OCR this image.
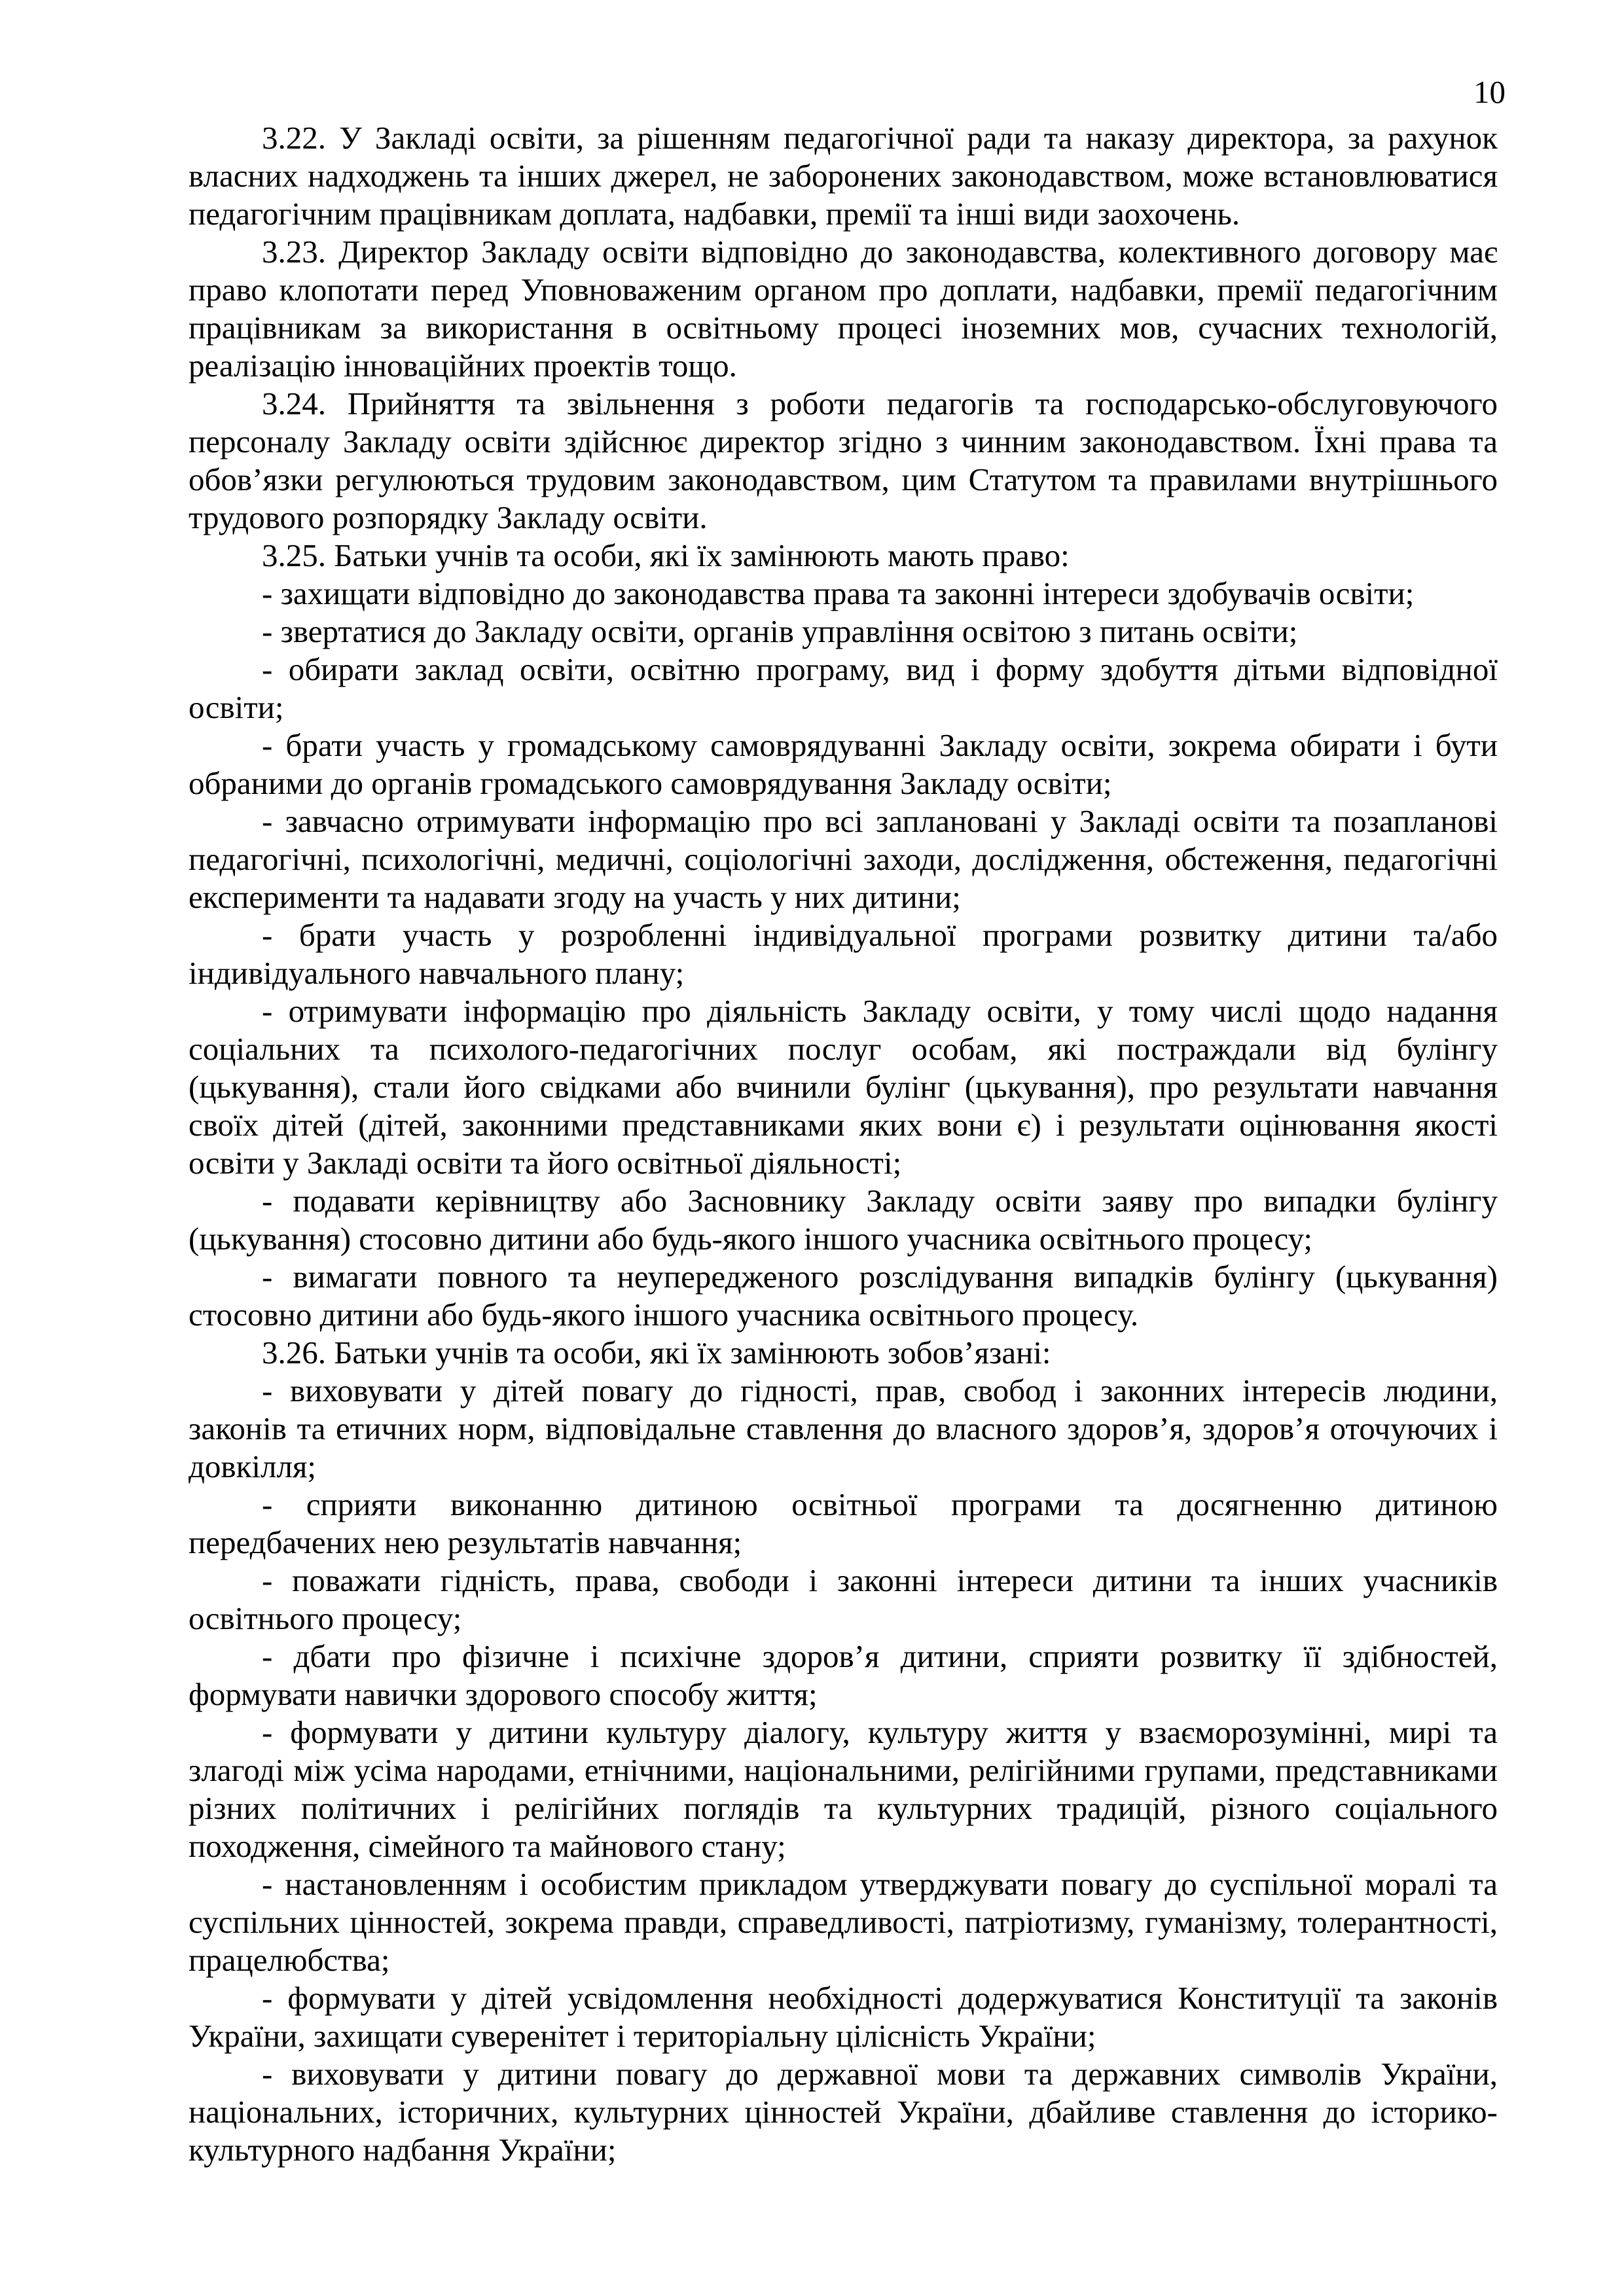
10
3.22. У Закладі освіти, за рішенням педагогічної ради та наказу директора, за рахунок
власних надходжень та інших джерел, не заборонених законодавством, може встановлюватися
педагогічним працівникам доплата, надбавки, премії та інші види заохочень.
3.23. Директор Закладу освіти відповідно до законодавства, колективного договору має
право клопотати перед Уповноваженим органом про доплати, надбавки, премії педагогічним
працівникам за використання в освітньому процесі іноземних мов, сучасних технологій,
реалізацію інноваційних проектів тощо.
3.24. Прийняття та звільнення з роботи педагогів та господарсько-обслуговуючого
персоналу Закладу освіти здійснює директор згідно з чинним законодавством. Їхні права та
обов’язки регулюються трудовим законодавством, цим Статутом та правилами внутрішнього
трудового розпорядку Закладу освіти.
3.25. Батьки учнів та особи, які їх замінюють мають право:
- захищати відповідно до законодавства права та законні інтереси здобувачів освіти;
- звертатися до Закладу освіти, органів управління освітою з питань освіти;
- обирати заклад освіти, освітню програму, вид і форму здобуття дітьми відповідної
освіти;
- брати участь у громадському самоврядуванні Закладу освіти, зокрема обирати і бути
обраними до органів громадського самоврядування Закладу освіти;
- завчасно отримувати інформацію про всі заплановані у Закладі освіти та позапланові
педагогічні, психологічні, медичні, соціологічні заходи, дослідження, обстеження, педагогічні
експерименти та надавати згоду на участь у них дитини;
- брати участь у розробленні індивідуальної програми розвитку дитини та/або
індивідуального навчального плану;
- отримувати інформацію про діяльність Закладу освіти, у тому числі щодо надання
соціальних та психолого-педагогічних послуг особам, які постраждали від булінгу
(цькування), стали його свідками або вчинили булінг (цькування), про результати навчання
своїх дітей (дітей, законними представниками яких вони є) і результати оцінювання якості
освіти у Закладі освіти та його освітньої діяльності;
- подавати керівництву або Засновнику Закладу освіти заяву про випадки булінгу
(цькування) стосовно дитини або будь-якого іншого учасника освітнього процесу;
- вимагати повного та неупередженого розслідування випадків булінгу (цькування)
стосовно дитини або будь-якого іншого учасника освітнього процесу.
3.26. Батьки учнів та особи, які їх замінюють зобов’язані:
- виховувати у дітей повагу до гідності, прав, свобод і законних інтересів людини,
законів та етичних норм, відповідальне ставлення до власного здоров’я, здоров’я оточуючих і
довкілля;
- сприяти виконанню дитиною освітньої програми та досягненню дитиною
передбачених нею результатів навчання;
- поважати гідність, права, свободи і законні інтереси дитини та інших учасників
освітнього процесу;
- дбати про фізичне і психічне здоров’я дитини, сприяти розвитку її здібностей,
формувати навички здорового способу життя;
- формувати у дитини культуру діалогу, культуру життя у взаєморозумінні, мирі та
злагоді між усіма народами, етнічними, національними, релігійними групами, представниками
різних політичних і релігійних поглядів та культурних традицій, різного соціального
походження, сімейного та майнового стану;
- настановленням і особистим прикладом утверджувати повагу до суспільної моралі та
суспільних цінностей, зокрема правди, справедливості, патріотизму, гуманізму, толерантності,
працелюбства;
- формувати у дітей усвідомлення необхідності додержуватися Конституції та законів
України, захищати суверенітет і територіальну цілісність України;
- виховувати у дитини повагу до державної мови та державних символів України,
національних, історичних, культурних цінностей України, дбайливе ставлення до історико-
культурного надбання України;
